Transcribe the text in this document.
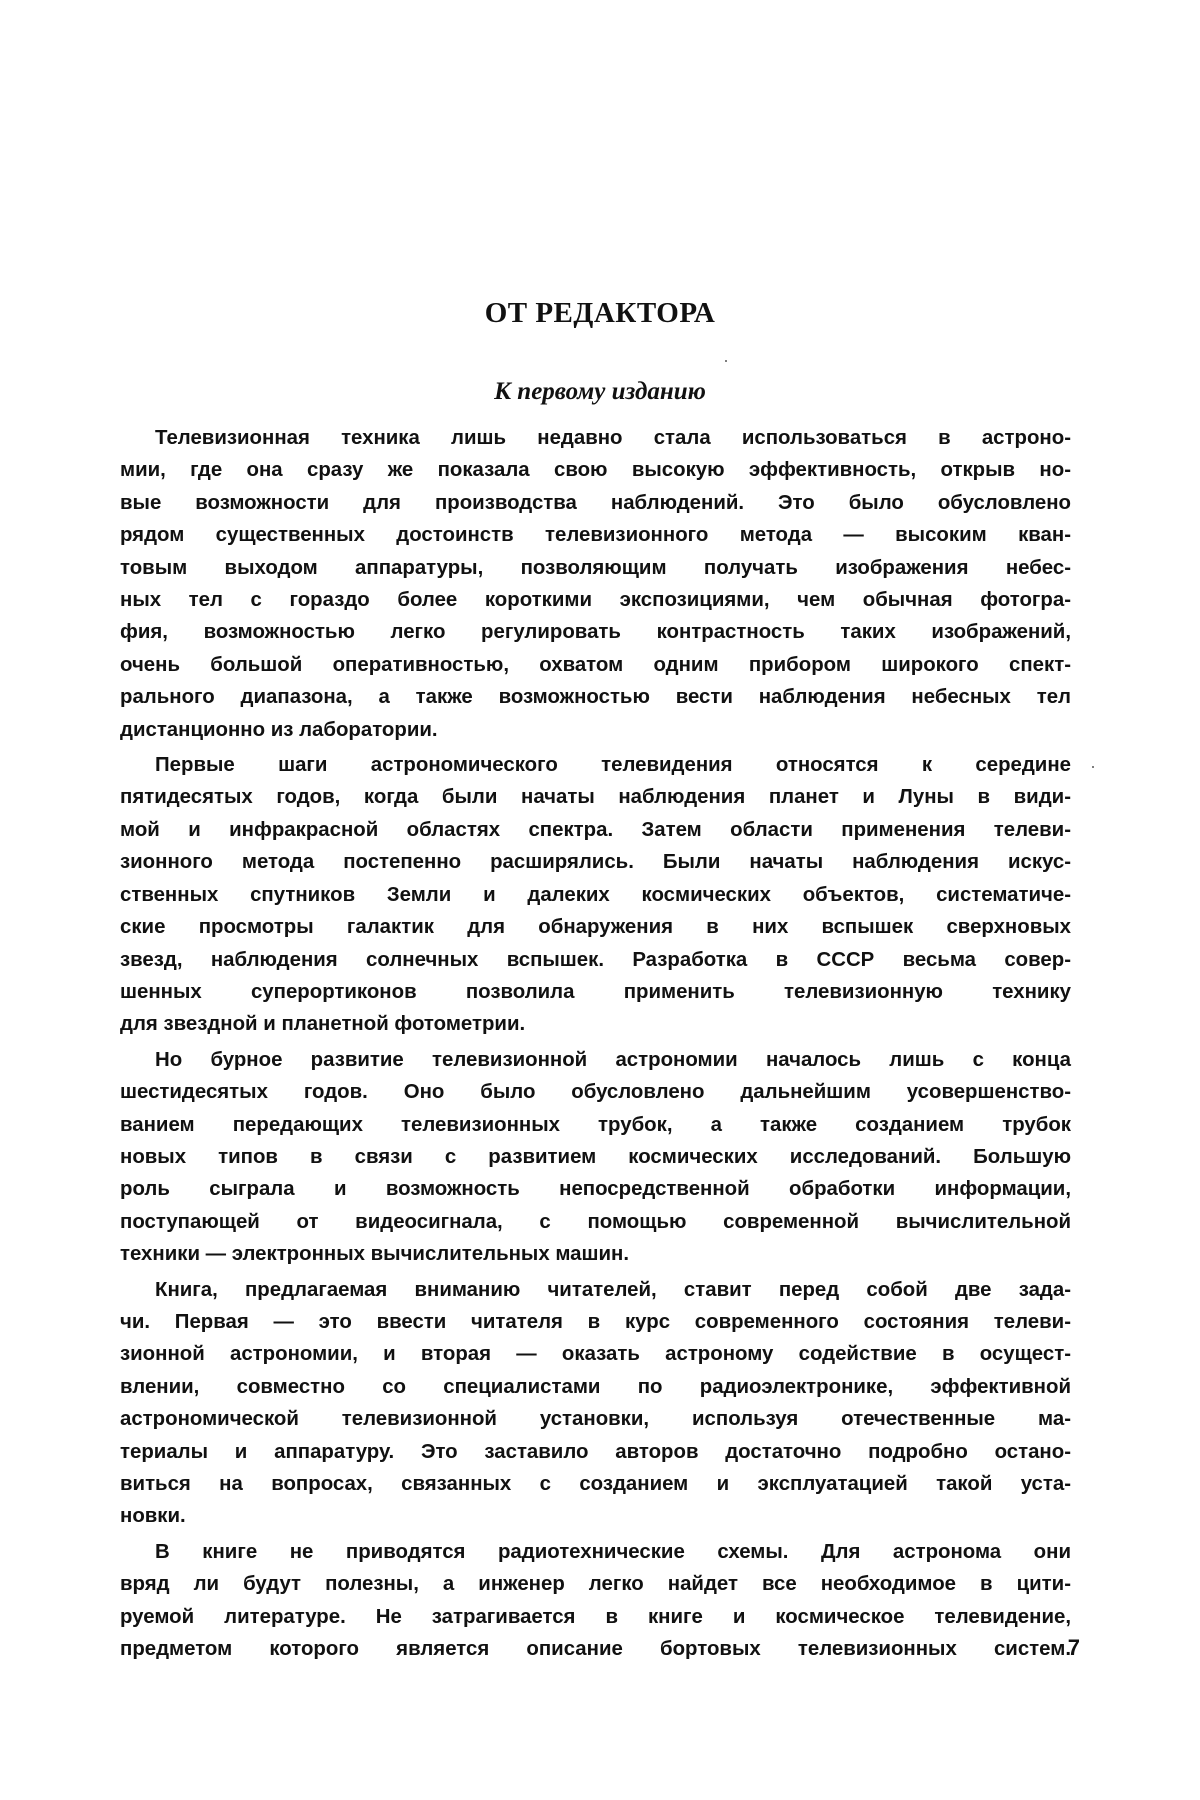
ОТ РЕДАКТОРА
К первому изданию
Телевизионная техника лишь недавно стала использоваться в астроно-
мии, где она сразу же показала свою высокую эффективность, открыв но-
вые возможности для производства наблюдений. Это было обусловлено
рядом существенных достоинств телевизионного метода — высоким кван-
товым выходом аппаратуры, позволяющим получать изображения небес-
ных тел с гораздо более короткими экспозициями, чем обычная фотогра-
фия, возможностью легко регулировать контрастность таких изображений,
очень большой оперативностью, охватом одним прибором широкого спект-
рального диапазона, а также возможностью вести наблюдения небесных тел
дистанционно из лаборатории.
Первые шаги астрономического телевидения относятся к середине
пятидесятых годов, когда были начаты наблюдения планет и Луны в види-
мой и инфракрасной областях спектра. Затем области применения телеви-
зионного метода постепенно расширялись. Были начаты наблюдения искус-
ственных спутников Земли и далеких космических объектов, систематиче-
ские просмотры галактик для обнаружения в них вспышек сверхновых
звезд, наблюдения солнечных вспышек. Разработка в СССР весьма совер-
шенных суперортиконов позволила применить телевизионную технику
для звездной и планетной фотометрии.
Но бурное развитие телевизионной астрономии началось лишь с конца
шестидесятых годов. Оно было обусловлено дальнейшим усовершенство-
ванием передающих телевизионных трубок, а также созданием трубок
новых типов в связи с развитием космических исследований. Большую
роль сыграла и возможность непосредственной обработки информации,
поступающей от видеосигнала, с помощью современной вычислительной
техники — электронных вычислительных машин.
Книга, предлагаемая вниманию читателей, ставит перед собой две зада-
чи. Первая — это ввести читателя в курс современного состояния телеви-
зионной астрономии, и вторая — оказать астроному содействие в осущест-
влении, совместно со специалистами по радиоэлектронике, эффективной
астрономической телевизионной установки, используя отечественные ма-
териалы и аппаратуру. Это заставило авторов достаточно подробно остано-
виться на вопросах, связанных с созданием и эксплуатацией такой уста-
новки.
В книге не приводятся радиотехнические схемы. Для астронома они
вряд ли будут полезны, а инженер легко найдет все необходимое в цити-
руемой литературе. Не затрагивается в книге и космическое телевидение,
предметом которого является описание бортовых телевизионных систем.
7
